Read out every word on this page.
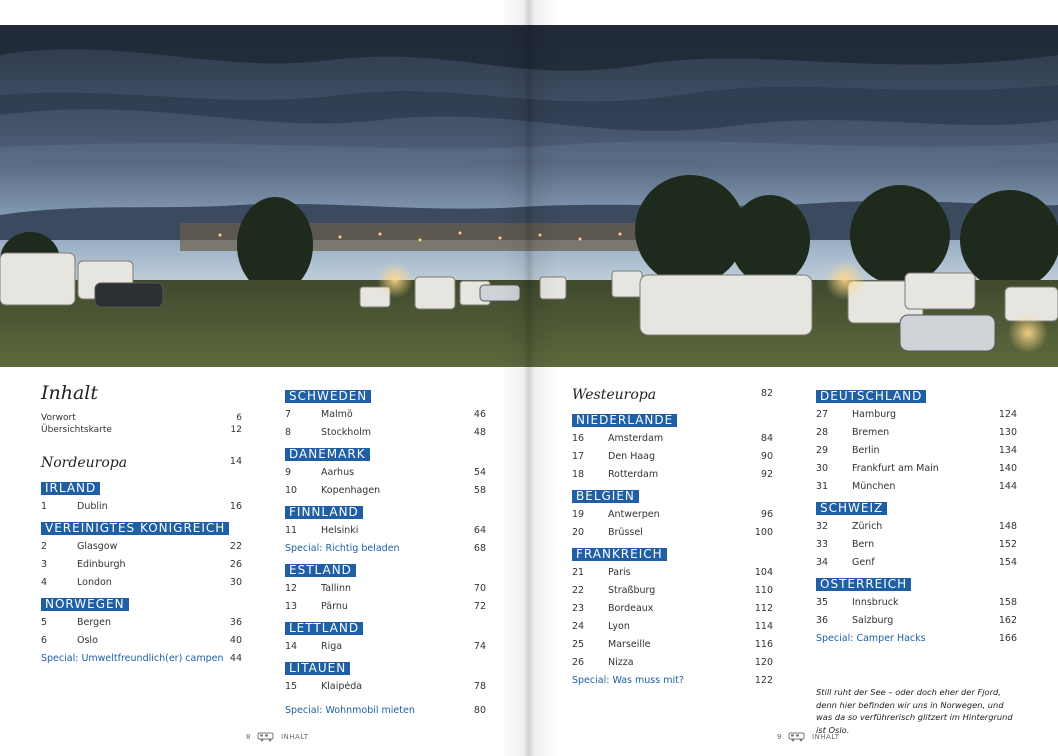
Inhalt
Vorwort	6
Übersichtskarte	12
Nordeuropa	14
IRLAND
1	Dublin	16
VEREINIGTES KÖNIGREICH
2	Glasgow	22
3	Edinburgh	26
4	London	30
NORWEGEN
5	Bergen	36
6	Oslo	40
Special: Umweltfreundlich(er) campen 44
SCHWEDEN
7	Malmö	46
8	Stockholm	48
DÄNEMARK
9	Aarhus	54
10	Kopenhagen	58
FINNLAND
11	Helsinki	64
Special: Richtig beladen	68
ESTLAND
12	Tallinn	70
13	Pärnu	72
LETTLAND
14	Riga	74
LITAUEN
15	Klaipėda	78
Special: Wohnmobil mieten	80
Westeuropa	82
NIEDERLANDE
16	Amsterdam	84
17	Den Haag	90
18	Rotterdam	92
BELGIEN
19	Antwerpen	96
20	Brüssel	100
FRANKREICH
21	Paris	104
22	Straßburg	110
23	Bordeaux	112
24	Lyon	114
25	Marseille	116
26	Nizza	120
Special: Was muss mit?	122
DEUTSCHLAND
27	Hamburg	124
28	Bremen	130
29	Berlin	134
30	Frankfurt am Main	140
31	München	144
SCHWEIZ
32	Zürich	148
33	Bern	152
34	Genf	154
ÖSTERREICH
35	Innsbruck	158
36	Salzburg	162
Special: Camper Hacks	166
Still ruht der See – oder doch eher der Fjord, denn hier befinden wir uns in Norwegen, und was da so verführerisch glitzert im Hintergrund ist Oslo.
8	INHALT	9	INHALT
